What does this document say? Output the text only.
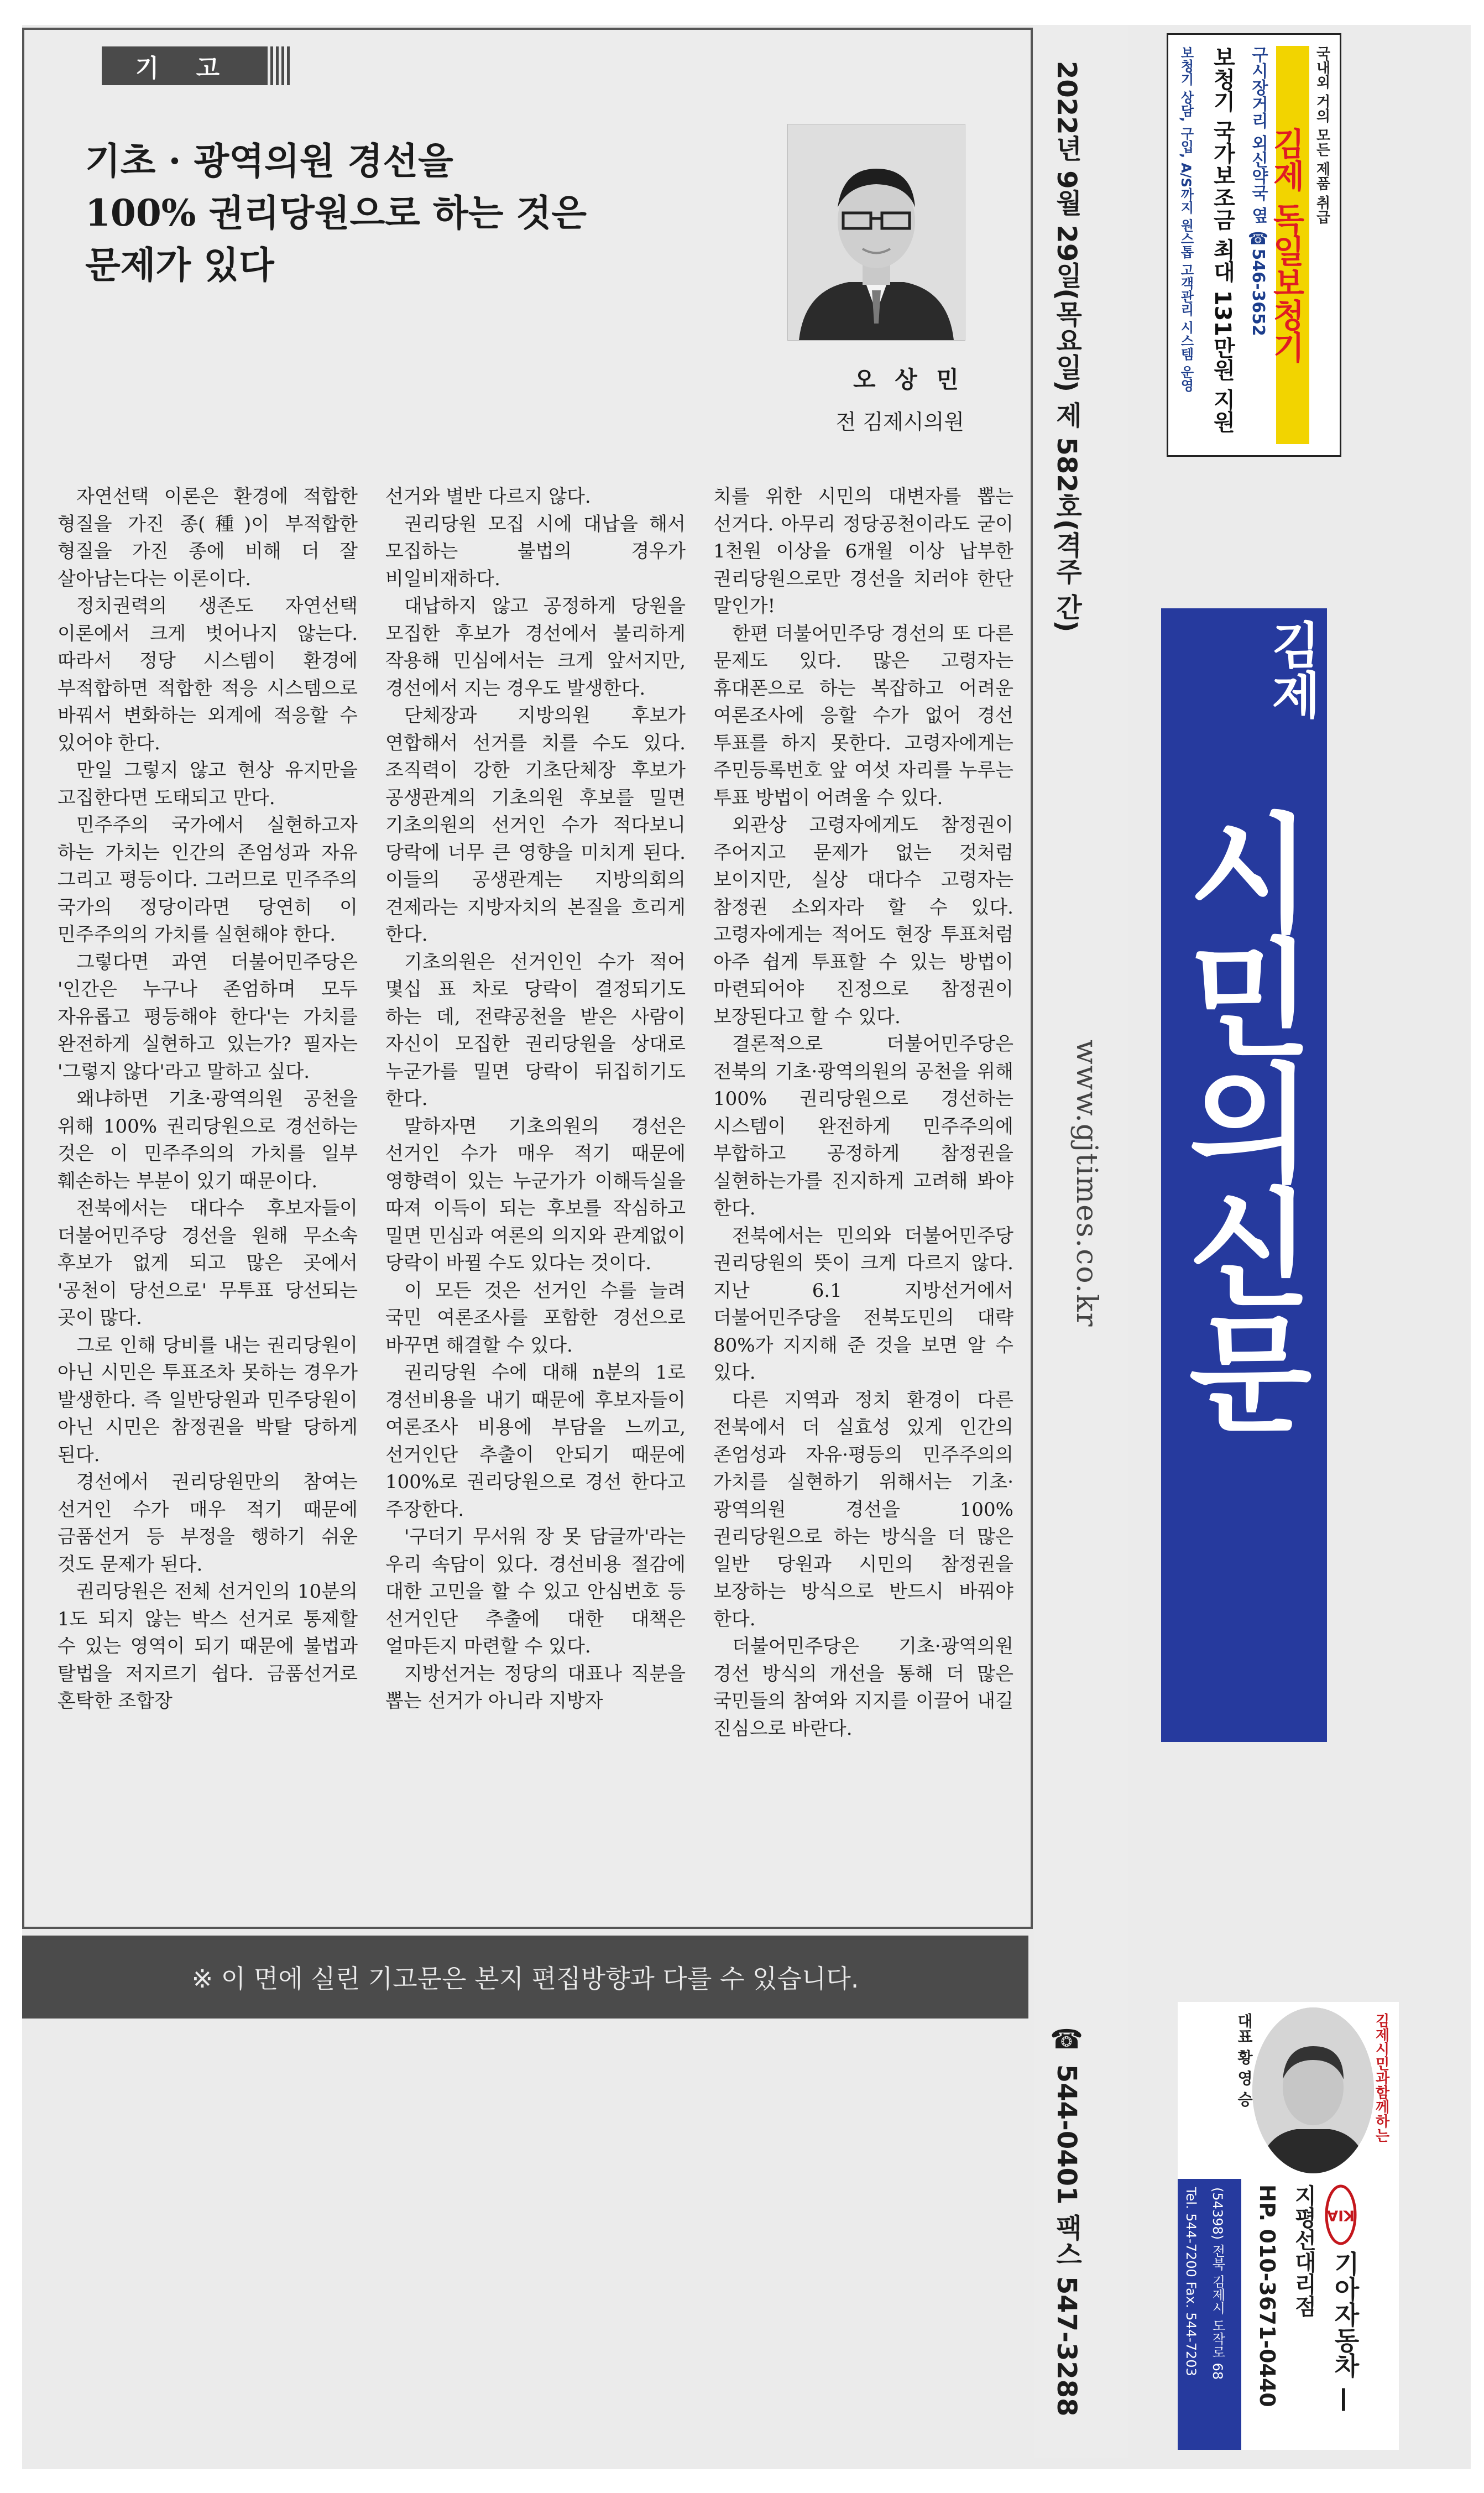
기 고
기초 · 광역의원 경선을
100% 권리당원으로 하는 것은
문제가 있다
오 상 민
전 김제시의원

자연선택 이론은 환경에 적합한 형질을 가진 종(種)이 부적합한 형질을 가진 종에 비해 더 잘 살아남는다는 이론이다.

정치권력의 생존도 자연선택 이론에서 크게 벗어나지 않는다. 따라서 정당 시스템이 환경에 부적합하면 적합한 적응 시스템으로 바꿔서 변화하는 외계에 적응할 수 있어야 한다.

만일 그렇지 않고 현상 유지만을 고집한다면 도태되고 만다.

민주주의 국가에서 실현하고자 하는 가치는 인간의 존엄성과 자유 그리고 평등이다. 그러므로 민주주의 국가의 정당이라면 당연히 이 민주주의의 가치를 실현해야 한다.

그렇다면 과연 더불어민주당은 '인간은 누구나 존엄하며 모두 자유롭고 평등해야 한다'는 가치를 완전하게 실현하고 있는가? 필자는 '그렇지 않다'라고 말하고 싶다.

왜냐하면 기초·광역의원 공천을 위해 100% 권리당원으로 경선하는 것은 이 민주주의의 가치를 일부 훼손하는 부분이 있기 때문이다.

전북에서는 대다수 후보자들이 더불어민주당 경선을 원해 무소속 후보가 없게 되고 많은 곳에서 '공천이 당선으로' 무투표 당선되는 곳이 많다.

그로 인해 당비를 내는 권리당원이 아닌 시민은 투표조차 못하는 경우가 발생한다. 즉 일반당원과 민주당원이 아닌 시민은 참정권을 박탈 당하게 된다.

경선에서 권리당원만의 참여는 선거인 수가 매우 적기 때문에 금품선거 등 부정을 행하기 쉬운 것도 문제가 된다.

권리당원은 전체 선거인의 10분의 1도 되지 않는 박스 선거로 통제할 수 있는 영역이 되기 때문에 불법과 탈법을 저지르기 쉽다. 금품선거로 혼탁한 조합장

선거와 별반 다르지 않다.

권리당원 모집 시에 대납을 해서 모집하는 불법의 경우가 비일비재하다.

대납하지 않고 공정하게 당원을 모집한 후보가 경선에서 불리하게 작용해 민심에서는 크게 앞서지만, 경선에서 지는 경우도 발생한다.

단체장과 지방의원 후보가 연합해서 선거를 치를 수도 있다. 조직력이 강한 기초단체장 후보가 공생관계의 기초의원 후보를 밀면 기초의원의 선거인 수가 적다보니 당락에 너무 큰 영향을 미치게 된다. 이들의 공생관계는 지방의회의 견제라는 지방자치의 본질을 흐리게 한다.

기초의원은 선거인인 수가 적어 몇십 표 차로 당락이 결정되기도 하는 데, 전략공천을 받은 사람이 자신이 모집한 권리당원을 상대로 누군가를 밀면 당락이 뒤집히기도 한다.

말하자면 기초의원의 경선은 선거인 수가 매우 적기 때문에 영향력이 있는 누군가가 이해득실을 따져 이득이 되는 후보를 작심하고 밀면 민심과 여론의 의지와 관계없이 당락이 바뀔 수도 있다는 것이다.

이 모든 것은 선거인 수를 늘려 국민 여론조사를 포함한 경선으로 바꾸면 해결할 수 있다.

권리당원 수에 대해 n분의 1로 경선비용을 내기 때문에 후보자들이 여론조사 비용에 부담을 느끼고, 선거인단 추출이 안되기 때문에 100%로 권리당원으로 경선 한다고 주장한다.

'구더기 무서워 장 못 담글까'라는 우리 속담이 있다. 경선비용 절감에 대한 고민을 할 수 있고 안심번호 등 선거인단 추출에 대한 대책은 얼마든지 마련할 수 있다.

지방선거는 정당의 대표나 직분을 뽑는 선거가 아니라 지방자

치를 위한 시민의 대변자를 뽑는 선거다. 아무리 정당공천이라도 굳이 1천원 이상을 6개월 이상 납부한 권리당원으로만 경선을 치러야 한단 말인가!

한편 더불어민주당 경선의 또 다른 문제도 있다. 많은 고령자는 휴대폰으로 하는 복잡하고 어려운 여론조사에 응할 수가 없어 경선 투표를 하지 못한다. 고령자에게는 주민등록번호 앞 여섯 자리를 누루는 투표 방법이 어려울 수 있다.

외관상 고령자에게도 참정권이 주어지고 문제가 없는 것처럼 보이지만, 실상 대다수 고령자는 참정권 소외자라 할 수 있다. 고령자에게는 적어도 현장 투표처럼 아주 쉽게 투표할 수 있는 방법이 마련되어야 진정으로 참정권이 보장된다고 할 수 있다.

결론적으로 더불어민주당은 전북의 기초·광역의원의 공천을 위해 100% 권리당원으로 경선하는 시스템이 완전하게 민주주의에 부합하고 공정하게 참정권을 실현하는가를 진지하게 고려해 봐야 한다.

전북에서는 민의와 더불어민주당 권리당원의 뜻이 크게 다르지 않다. 지난 6.1 지방선거에서 더불어민주당을 전북도민의 대략 80%가 지지해 준 것을 보면 알 수 있다.

다른 지역과 정치 환경이 다른 전북에서 더 실효성 있게 인간의 존엄성과 자유·평등의 민주주의의 가치를 실현하기 위해서는 기초·광역의원 경선을 100% 권리당원으로 하는 방식을 더 많은 일반 당원과 시민의 참정권을 보장하는 방식으로 반드시 바꿔야 한다.

더불어민주당은 기초·광역의원 경선 방식의 개선을 통해 더 많은 국민들의 참여와 지지를 이끌어 내길 진심으로 바란다.

※ 이 면에 실린 기고문은 본지 편집방향과 다를 수 있습니다.
2022년 9월 29일(목요일) 제 582호(격주 간)
www.gjtimes.co.kr
☎ 544-0401 팩스 547-3288
국내외 거의 모든 제품 취급
김제 독일보청기
구시장거리 외신약국 옆 ☎546-3652
보청기 국가보조금 최대 131만원 지원
보청기 상담, 구입, A/S까지 원스톱 고객관리 시스템 운영
김제
시민의신문
김제시민과함께하는
대표 황 영 승
KIA
기아자동차 —
지평선대리점
HP. 010-3671-0440
(54398) 전북 김제시 도작로 68
Tel. 544-7200 Fax. 544-7203
